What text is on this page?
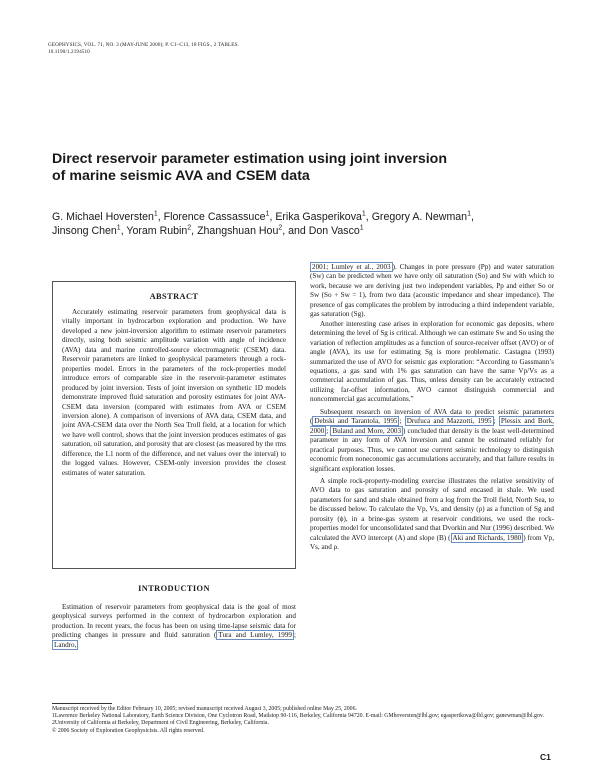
GEOPHYSICS, VOL. 71, NO. 3 (MAY-JUNE 2006); P. C1–C13, 18 FIGS., 2 TABLES.
10.1190/1.2194510
Direct reservoir parameter estimation using joint inversion
of marine seismic AVA and CSEM data
G. Michael Hoversten$^1$, Florence Cassassuce$^1$, Erika Gasperikova$^1$, Gregory A. Newman$^1$,
Jinsong Chen$^1$, Yoram Rubin$^2$, Zhangshuan Hou$^2$, and Don Vasco$^1$
ABSTRACT

Accurately estimating reservoir parameters from geophysical data is vitally important in hydrocarbon exploration and production. We have developed a new joint-inversion algorithm to estimate reservoir parameters directly, using both seismic amplitude variation with angle of incidence (AVA) data and marine controlled-source electromagnetic (CSEM) data. Reservoir parameters are linked to geophysical parameters through a rock-properties model. Errors in the parameters of the rock-properties model introduce errors of comparable size in the reservoir-parameter estimates produced by joint inversion. Tests of joint inversion on synthetic 1D models demonstrate improved fluid saturation and porosity estimates for joint AVA-CSEM data inversion (compared with estimates from AVA or CSEM inversion alone). A comparison of inversions of AVA data, CSEM data, and joint AVA-CSEM data over the North Sea Troll field, at a location for which we have well control, shows that the joint inversion produces estimates of gas saturation, oil saturation, and porosity that are closest (as measured by the rms difference, the L1 norm of the difference, and net values over the interval) to the logged values. However, CSEM-only inversion provides the closest estimates of water saturation.

INTRODUCTION

Estimation of reservoir parameters from geophysical data is the goal of most geophysical surveys performed in the context of hydrocarbon exploration and production. In recent years, the focus has been on using time-lapse seismic data for predicting changes in pressure and fluid saturation ( Tura and Lumley, 1999 ; Landro,

2001; Lumley et al., 2003 ). Changes in pore pressure (Pp) and water saturation (Sw) can be predicted when we have only oil saturation (So) and Sw with which to work, because we are deriving just two independent variables, Pp and either So or Sw (So + Sw = 1), from two data (acoustic impedance and shear impedance). The presence of gas complicates the problem by introducing a third independent variable, gas saturation (Sg).

Another interesting case arises in exploration for economic gas deposits, where determining the level of Sg is critical. Although we can estimate Sw and So using the variation of reflection amplitudes as a function of source-receiver offset (AVO) or of angle (AVA), its use for estimating Sg is more problematic. Castagna (1993) summarized the use of AVO for seismic gas exploration: “According to Gassmann’s equations, a gas sand with 1% gas saturation can have the same Vp/Vs as a commercial accumulation of gas. Thus, unless density can be accurately extracted utilizing far-offset information, AVO cannot distinguish commercial and noncommercial gas accumulations.”

Subsequent research on inversion of AVA data to predict seismic parameters ( Debski and Tarantola, 1995 ; Drufuca and Mazzotti, 1995 ; Plessix and Bork, 2000 ; Buland and More, 2003 ) concluded that density is the least well-determined parameter in any form of AVA inversion and cannot be estimated reliably for practical purposes. Thus, we cannot use current seismic technology to distinguish economic from noneconomic gas accumulations accurately, and that failure results in significant exploration losses.

A simple rock-property-modeling exercise illustrates the relative sensitivity of AVO data to gas saturation and porosity of sand encased in shale. We used parameters for sand and shale obtained from a log from the Troll field, North Sea, to be discussed below. To calculate the Vp, Vs, and density (ρ) as a function of Sg and porosity (ϕ), in a brine-gas system at reservoir conditions, we used the rock-properties model for unconsolidated sand that Dvorkin and Nur (1996) described. We calculated the AVO intercept (A) and slope (B) ( Aki and Richards, 1980 ) from Vp, Vs, and ρ.

Manuscript received by the Editor February 10, 2005; revised manuscript received August 3, 2005; published online May 25, 2006.
1Lawrence Berkeley National Laboratory, Earth Science Division, One Cyclotron Road, Mailstop 90-116, Berkeley, California 94720. E-mail: GMhoversten@lbl.gov; egasperikova@lbl.gov; ganewman@lbl.gov.
2University of California at Berkeley, Department of Civil Engineering, Berkeley, California.
© 2006 Society of Exploration Geophysicists. All rights reserved.
C1
